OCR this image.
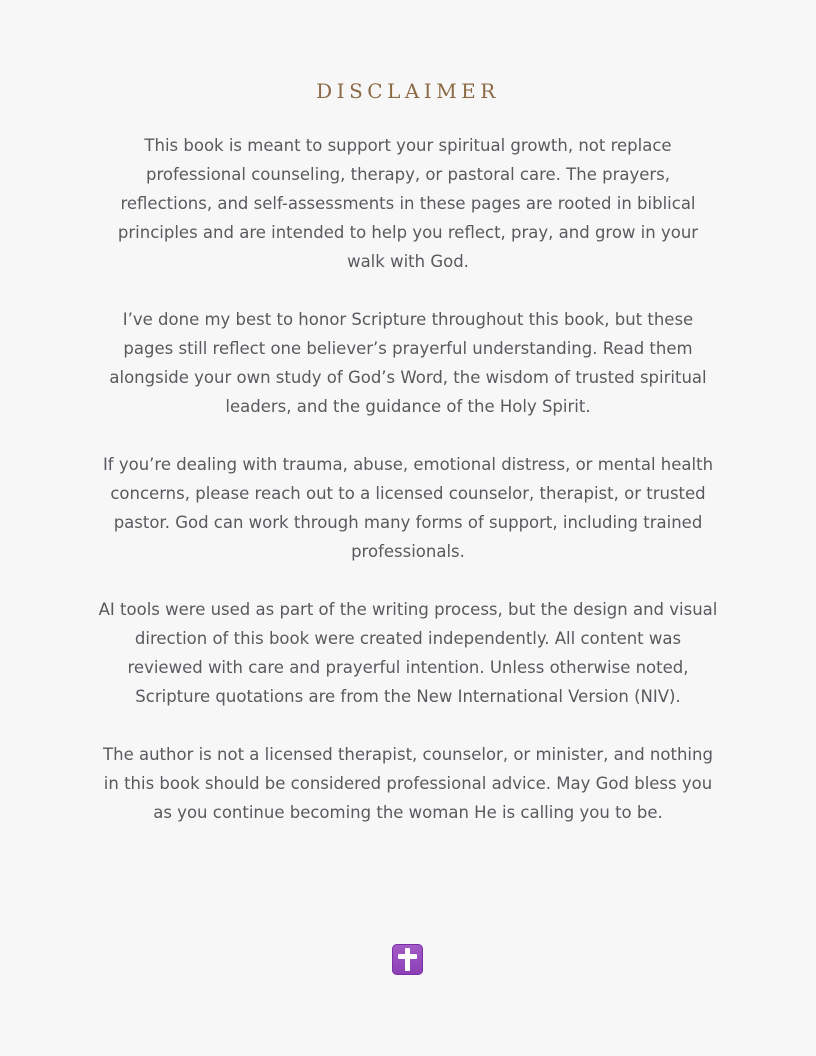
DISCLAIMER

This book is meant to support your spiritual growth, not replace professional counseling, therapy, or pastoral care. The prayers, reflections, and self-assessments in these pages are rooted in biblical principles and are intended to help you reflect, pray, and grow in your walk with God.

I’ve done my best to honor Scripture throughout this book, but these pages still reflect one believer’s prayerful understanding. Read them alongside your own study of God’s Word, the wisdom of trusted spiritual leaders, and the guidance of the Holy Spirit.

If you’re dealing with trauma, abuse, emotional distress, or mental health concerns, please reach out to a licensed counselor, therapist, or trusted pastor. God can work through many forms of support, including trained professionals.

AI tools were used as part of the writing process, but the design and visual direction of this book were created independently. All content was reviewed with care and prayerful intention. Unless otherwise noted, Scripture quotations are from the New International Version (NIV).

The author is not a licensed therapist, counselor, or minister, and nothing in this book should be considered professional advice. May God bless you as you continue becoming the woman He is calling you to be.
